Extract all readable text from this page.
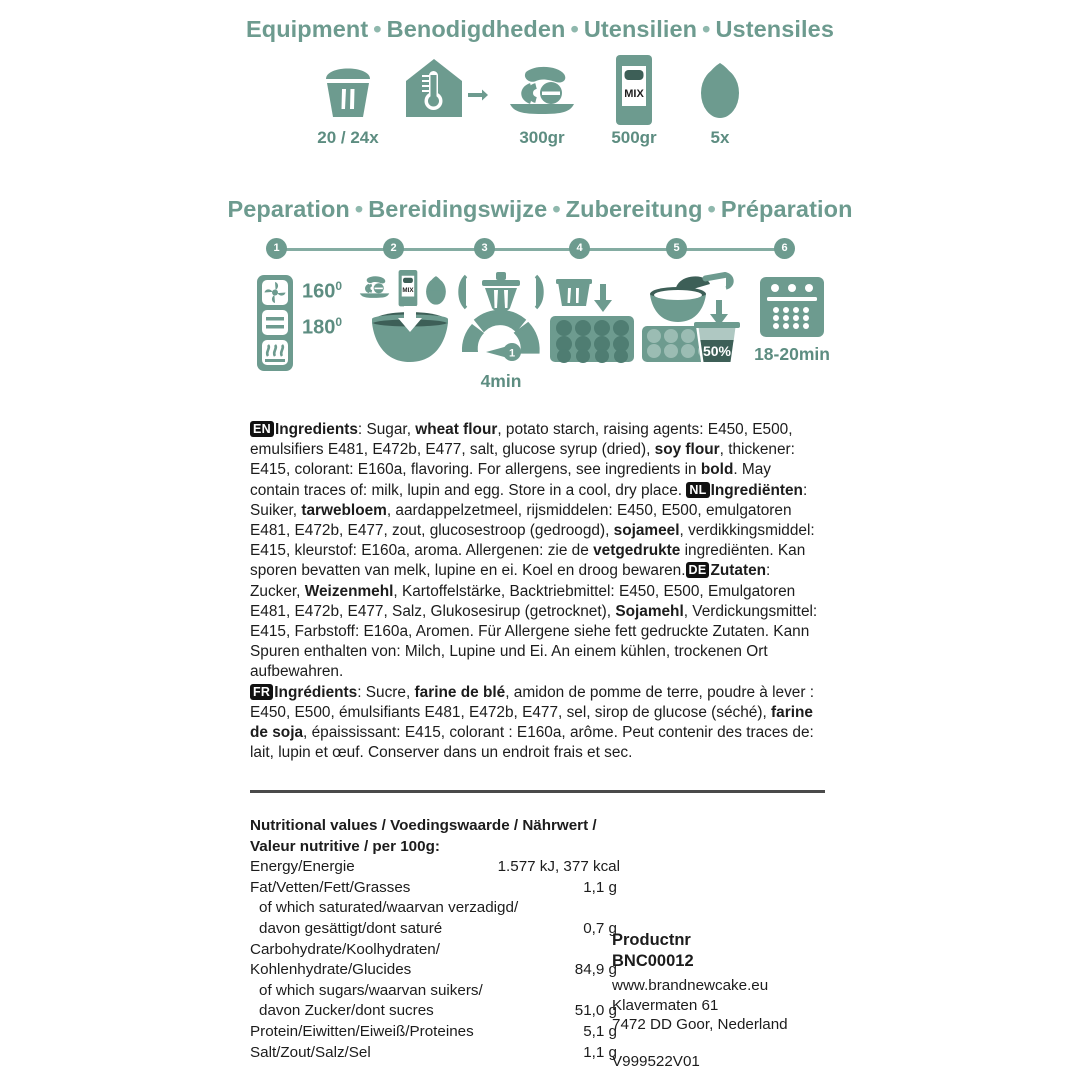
Equipment • Benodigdheden • Utensilien • Ustensiles
20 / 24x	300gr
MIX
500gr	5x
Peparation • Bereidingswijze • Zubereitung • Préparation
1	2	3	4	5	6
$160^0$
$180^0$
MIX
1
4min
50%	18-20min
EN Ingredients: Sugar, wheat flour, potato starch, raising agents: E450, E500, emulsifiers E481, E472b, E477, salt, glucose syrup (dried), soy flour, thickener: E415, colorant: E160a, flavoring. For allergens, see ingredients in bold. May contain traces of: milk, lupin and egg. Store in a cool, dry place. NL Ingrediënten: Suiker, tarwebloem, aardappelzetmeel, rijsmiddelen: E450, E500, emulgatoren E481, E472b, E477, zout, glucosestroop (gedroogd), sojameel, verdikkingsmiddel: E415, kleurstof: E160a, aroma. Allergenen: zie de vetgedrukte ingrediënten. Kan sporen bevatten van melk, lupine en ei. Koel en droog bewaren. DE Zutaten: Zucker, Weizenmehl, Kartoffelstärke, Backtriebmittel: E450, E500, Emulgatoren E481, E472b, E477, Salz, Glukosesirup (getrocknet), Sojamehl, Verdickungsmittel: E415, Farbstoff: E160a, Aromen. Für Allergene siehe fett gedruckte Zutaten. Kann Spuren enthalten von: Milch, Lupine und Ei. An einem kühlen, trockenen Ort aufbewahren.
FR Ingrédients: Sucre, farine de blé, amidon de pomme de terre, poudre à lever : E450, E500, émulsifiants E481, E472b, E477, sel, sirop de glucose (séché), farine de soja, épaississant: E415, colorant : E160a, arôme. Peut contenir des traces de: lait, lupin et œuf. Conserver dans un endroit frais et sec.
Nutritional values / Voedingswaarde / Nährwert /
Valeur nutritive / per 100g:
Energy/Energie	1.577 kJ, 377 kcal
Fat/Vetten/Fett/Grasses	1,1 g
of which saturated/waarvan verzadigd/
davon gesättigt/dont saturé	0,7 g
Carbohydrate/Koolhydraten/
Kohlenhydrate/Glucides	84,9 g
of which sugars/waarvan suikers/
davon Zucker/dont sucres	51,0 g
Protein/Eiwitten/Eiweiß/Proteines	5,1 g
Salt/Zout/Salz/Sel	1,1 g
Productnr
BNC00012
www.brandnewcake.eu
Klavermaten 61
7472 DD Goor, Nederland
V999522V01
